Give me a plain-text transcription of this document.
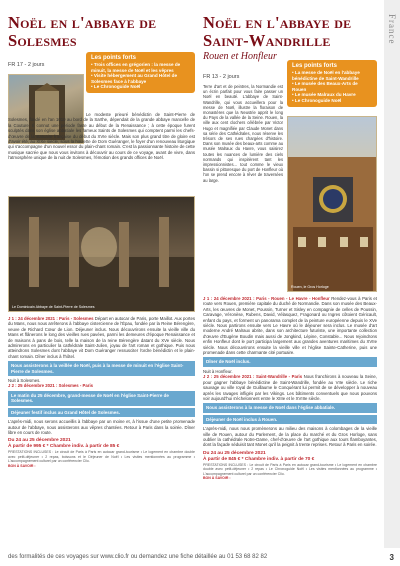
Noël en l'abbaye de Solesmes
Les points forts
• Trois offices en grégorien : la messe de minuit, la messe de Noël et les vêpres
• Visite hébergement au Grand Hôtel de Solesmes face à l'abbaye
• Le Chronoguide Noël
FR 17 - 2 jours
Le modeste prieuré bénédictin de Saint-Pierre de Solesmes, fondé en l'an 1010 au bord de la Sarthe, dépendait de la grande abbaye mancelle de la Couture. Il connut une période faste au début de la Renaissance ; à cette époque furent sculptés dans son église abbatiale les fameux Saints de Solesmes qui comptent parmi les chefs-d'œuvre de la statuaire française du début du XVIe siècle. Mais son plus grand titre de gloire est d'avoir été, au XIXe siècle, sous la houlette de Dom Guéranger, le foyer d'un renouveau liturgique qui s'accompagne d'un nouvel essor du plain-chant romain. C'est la passionnante histoire de cette musique sacrée que nous vous invitons à découvrir au cours de ce voyage, avant de vivre, dans l'atmosphère unique de la nuit de Solesmes, l'émotion des grands offices de Noël.
Le Dominicain Abbaye de Saint-Pierre de Solesmes
J 1 : 24 décembre 2021 : Paris - Solesmes Départ en autocar de Paris, porte Maillot. Aux portes du Mans, nous nous arrêterons à l'abbaye cistercienne de l'Épau, fondée par la Reine Bérengère, veuve de Richard Cœur de Lion. Déjeuner inclus. Nous découvrirons ensuite la vieille ville du Mans et flânerons le long des vieilles rues pavées, parmi les demeures d'époque Renaissance et de maisons à pans de bois, telle la maison de la reine Bérengère datant du XVe siècle. Nous admirerons en particulier la cathédrale Saint-Julien, joyau de l'art roman et gothique. Puis nous atteindrons Solesmes dont l'abbaye vit Dom Guéranger ressusciter l'ordre bénédictin et le plain-chant romain. Dîner inclus à l'hôtel.
Nous assisterons à la veillée de Noël, puis à la messe de minuit en l'église Saint-Pierre de Solesmes.
Nuit à Solesmes.
J 2 : 25 décembre 2021 : Solesmes - Paris
Le matin du 25 décembre, grand-messe de Noël en l'église Saint-Pierre de Solesmes.
Déjeuner festif inclus au Grand Hôtel de Solesmes.
L'après-midi, nous serons accueillis à l'abbaye par un moine et, à l'issue d'une petite promenade autour de l'abbaye, nous assisterons aux vêpres chantées. Retour à Paris dans la soirée. Dîner libre en cours de route.
Du 24 au 25 décembre 2021
À partir de 995 € * Chambre indiv. à partir de 85 €
PRESTATIONS INCLUSES : Le circuit de Paris à Paris en autocar grand-tourisme • Le logement en chambre double avec petit-déjeuner • 2 repas, boissons et le Déjeuner de Noël • Les visites mentionnées au programme • L'accompagnement culturel par un conférencier Clio.
BON À SAVOIR :
Noël en l'abbaye de Saint-Wandrille
Rouen et Honfleur
Les points forts
• La messe de Noël en l'abbaye bénédictine de Saint-Wandrille
• Le musée des Beaux-Arts de Rouen
• Le musée Malraux du Havre
• Le Chronoguide Noël
FR 13 - 2 jours
Terre d'art et de peintres, la Normandie est un écrin parfait pour vous faire passer un Noël en beauté. L'abbaye de Saint-Wandrille, qui vous accueillera pour la messe de Noël, illustre la floraison de monastères que la Neustrie apprit le long du Pays de la vallée de la Seine. Rouen, la ville aux cent clochers célébrée par Victor Hugo et magnifiée par Claude Monet dans sa série des Cathédrales, nous réserve les trésors de ses rues chargées d'histoire. Dans son musée des beaux-arts comme au musée Malraux du Havre, vous saisirez toutes les nuances de lumière des ciels normands qui inspirèrent tant les impressionnistes... tout comme le vieux bassin si pittoresque du port de Honfleur où l'on se prend encore à rêver de traversées au large.
Rouen, le Gros Horloge
J 1 : 24 décembre 2021 : Paris - Rouen - Le Havre - Honfleur Rendez-vous à Paris et route vers Rouen, première capitale du duché de Normandie. Dans son musée des Beaux-Arts, les œuvres de Monet, Poussin, Turner et Sisley en compagnie de celles de Poussin, Caravage, Véronèse, Rubens, David, Vélasquez, Fragonard ou Ingres côtoient Géricault, enfant du pays, et forment un panorama complet de la peinture européenne depuis le XVe siècle. Nous partirons ensuite vers Le Havre où le déjeuner sera inclus. Le musée d'art moderne André Malraux abrite, dans son architecture futuriste, une importante collection d'œuvre d'Eugène Boudin mais aussi de Jongkind, Lépine, Constable... Nous rejoindrons enfin Honfleur dont le port participa largement aux grandes aventures maritimes du XVIIe siècle. Nous découvrirons ensuite la vieille ville et l'église Sainte-Catherine, puis une promenade dans cette charmante cité portuaire.
Dîner de Noël inclus.
Nuit à Honfleur.
J 2 : 25 décembre 2021 : Saint-Wandrille - Paris Nous franchirons à nouveau la Seine, pour gagner l'abbaye bénédictine de Saint-Wandrille, fondée au VIIe siècle. Le riche sauvage ou ville royal de Guillaume le Conquérant lui permit de se développer à nouveau après les ravages infligés par les Vikings. Les bâtiments conventuels que nous pouvons voir aujourd'hui s'échelonnent entre le XIIIe et le XVIIIe siècle.
Nous assisterons à la messe de Noël dans l'église abbatiale.
Déjeuner de Noël inclus à Rouen.
L'après-midi, nous nous promènerons au milieu des maisons à colombages de la vieille ville de Rouen, autour du Parlement, de la place du marché et du Gros Horloge, sans oublier la cathédrale Notre-Dame, chef-d'œuvre de l'art gothique aux tours flamboyantes, dont la façade séduisit tant Monet qu'il la peignit à trente reprises. Retour à Paris en soirée.
Du 24 au 25 décembre 2021
À partir de 845 € * Chambre indiv. à partir de 70 €
PRESTATIONS INCLUSES : Le circuit de Paris à Paris en autocar grand-tourisme • Le logement en chambre double avec petit-déjeuner • 2 repas • Le Chronoguide Noël • Les visites mentionnées au programme • L'accompagnement culturel par un conférencier Clio.
BON À SAVOIR :
France
des formalités de ces voyages sur www.clio.fr ou demandez une fiche détaillée au 01 53 68 82 82	3
